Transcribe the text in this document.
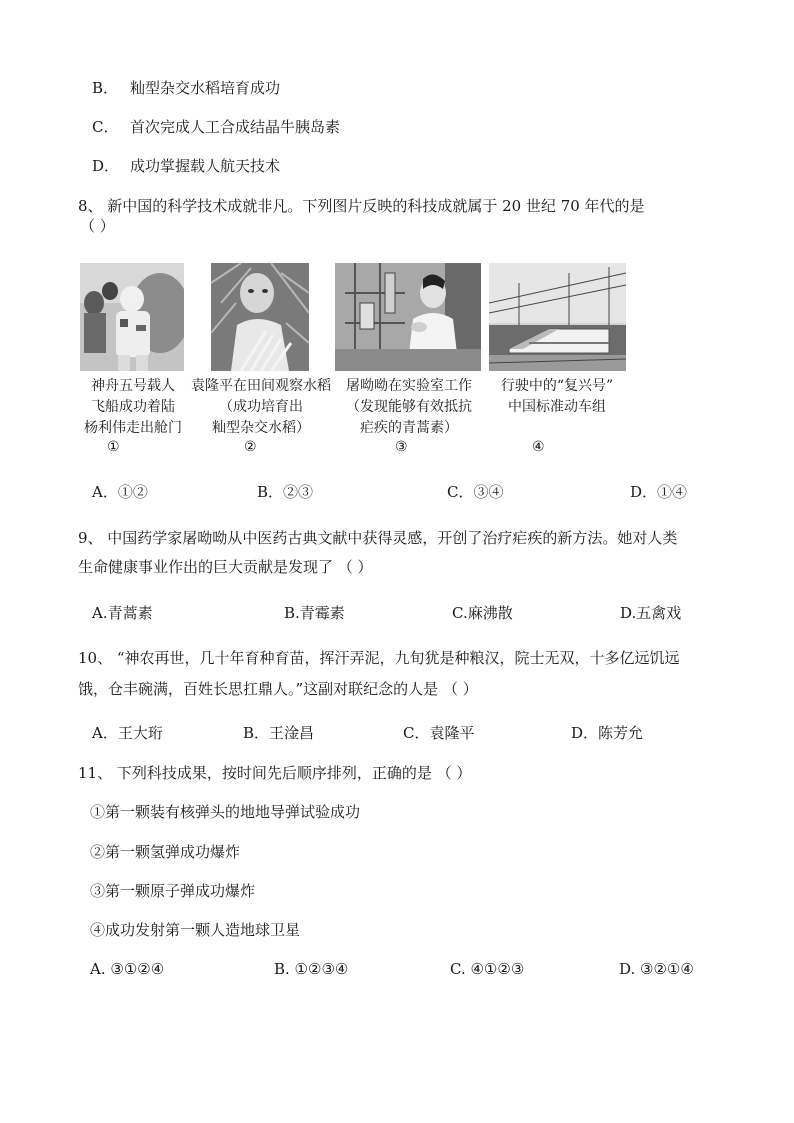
B． 籼型杂交水稻培育成功
C． 首次完成人工合成结晶牛胰岛素
D． 成功掌握载人航天技术
8、 新中国的科学技术成就非凡。下列图片反映的科技成就属于 20 世纪 70 年代的是
（ ）
神舟五号载人
飞船成功着陆
杨利伟走出舱门
袁隆平在田间观察水稻
（成功培育出
籼型杂交水稻）
屠呦呦在实验室工作
（发现能够有效抵抗
疟疾的青蒿素）
行驶中的“复兴号”
中国标准动车组
①	②	③	④
A．①②	B．②③	C．③④	D．①④
9、 中国药学家屠呦呦从中医药古典文献中获得灵感，开创了治疗疟疾的新方法。她对人类
生命健康事业作出的巨大贡献是发现了 （ ）
A.青蒿素	B.青霉素	C.麻沸散	D.五禽戏
10、 “神农再世，几十年育种育苗，挥汗弄泥，九旬犹是种粮汉，院士无双，十多亿远饥远
饿，仓丰碗满，百姓长思扛鼎人。”这副对联纪念的人是 （ ）
A．王大珩	B．王淦昌	C．袁隆平	D．陈芳允
11、 下列科技成果，按时间先后顺序排列，正确的是 （ ）
①第一颗装有核弹头的地地导弹试验成功
②第一颗氢弹成功爆炸
③第一颗原子弹成功爆炸
④成功发射第一颗人造地球卫星
A. ③①②④	B. ①②③④	C. ④①②③	D. ③②①④
